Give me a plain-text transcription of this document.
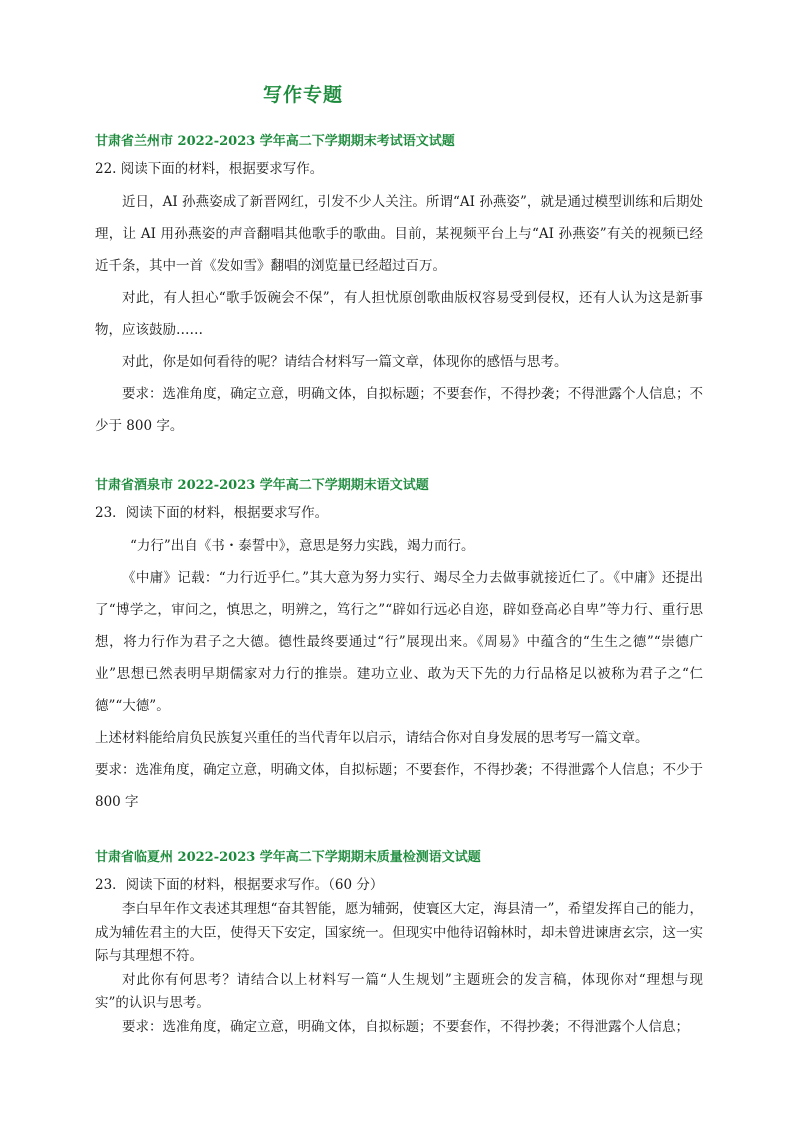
写作专题
甘肃省兰州市 2022-2023 学年高二下学期期末考试语文试题
22. 阅读下面的材料，根据要求写作。

近日，AI 孙燕姿成了新晋网红，引发不少人关注。所谓“AI 孙燕姿”，就是通过模型训练和后期处理，让 AI 用孙燕姿的声音翻唱其他歌手的歌曲。目前，某视频平台上与“AI 孙燕姿”有关的视频已经近千条，其中一首《发如雪》翻唱的浏览量已经超过百万。

对此，有人担心“歌手饭碗会不保”，有人担忧原创歌曲版权容易受到侵权，还有人认为这是新事物，应该鼓励……

对此，你是如何看待的呢？请结合材料写一篇文章，体现你的感悟与思考。

要求：选准角度，确定立意，明确文体，自拟标题；不要套作，不得抄袭；不得泄露个人信息；不少于 800 字。

甘肃省酒泉市 2022-2023 学年高二下学期期末语文试题
23．阅读下面的材料，根据要求写作。

“力行”出自《书・泰誓中》，意思是努力实践，竭力而行。

《中庸》记载：“力行近乎仁。”其大意为努力实行、竭尽全力去做事就接近仁了。《中庸》还提出了“博学之，审问之，慎思之，明辨之，笃行之”“辟如行远必自迩，辟如登高必自卑”等力行、重行思想，将力行作为君子之大德。德性最终要通过“行”展现出来。《周易》中蕴含的“生生之德”“崇德广业”思想已然表明早期儒家对力行的推崇。建功立业、敢为天下先的力行品格足以被称为君子之“仁德”“大德”。

上述材料能给肩负民族复兴重任的当代青年以启示，请结合你对自身发展的思考写一篇文章。

要求：选准角度，确定立意，明确文体，自拟标题；不要套作，不得抄袭；不得泄露个人信息；不少于 800 字

甘肃省临夏州 2022-2023 学年高二下学期期末质量检测语文试题
23．阅读下面的材料，根据要求写作。（60 分）

李白早年作文表述其理想“奋其智能，愿为辅弼，使寰区大定，海县清一”，希望发挥自己的能力，成为辅佐君主的大臣，使得天下安定，国家统一。但现实中他待诏翰林时，却未曾进谏唐玄宗，这一实际与其理想不符。

对此你有何思考？请结合以上材料写一篇“人生规划”主题班会的发言稿，体现你对“理想与现实”的认识与思考。

要求：选准角度，确定立意，明确文体，自拟标题；不要套作，不得抄袭；不得泄露个人信息；
